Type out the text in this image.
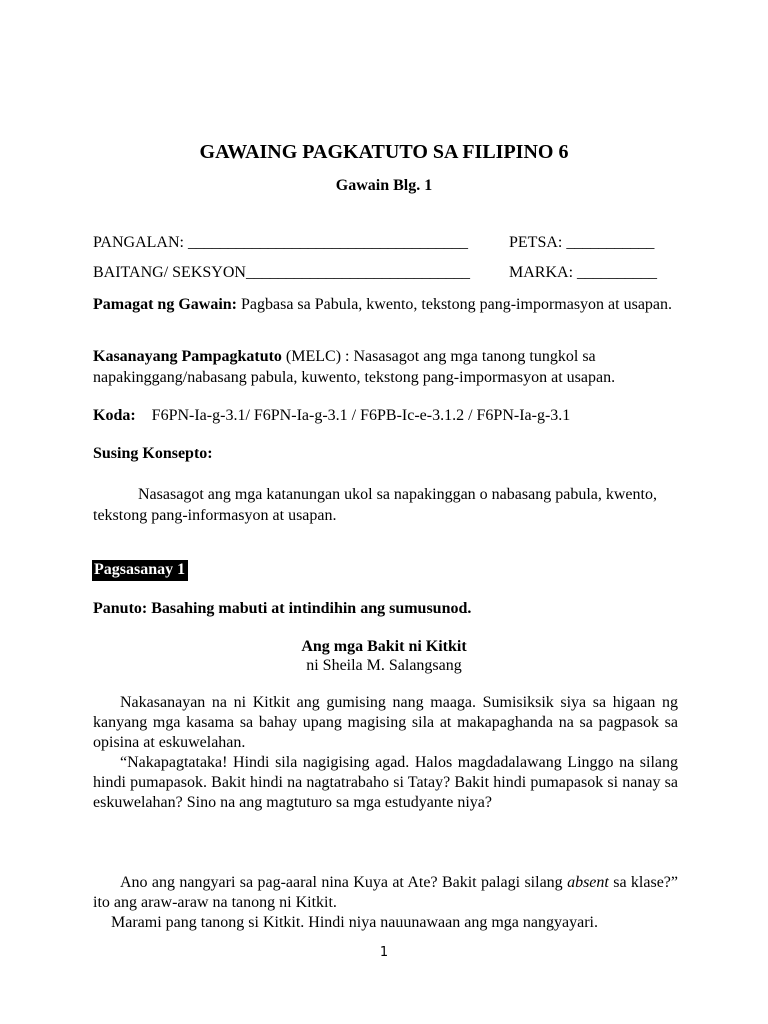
GAWAING PAGKATUTO SA FILIPINO 6
Gawain Blg. 1
PANGALAN: ___________________________________	PETSA: ___________
BAITANG/ SEKSYON____________________________ MARKA: __________

Pamagat ng Gawain: Pagbasa sa Pabula, kwento, tekstong pang-impormasyon at usapan.

Kasanayang Pampagkatuto (MELC) : Nasasagot ang mga tanong tungkol sa napakinggang/nabasang pabula, kuwento, tekstong pang-impormasyon at usapan.

Koda: F6PN-Ia-g-3.1/ F6PN-Ia-g-3.1 / F6PB-Ic-e-3.1.2 / F6PN-Ia-g-3.1
Susing Konsepto:

Nasasagot ang mga katanungan ukol sa napakinggan o nabasang pabula, kwento, tekstong pang-informasyon at usapan.

Pagsasanay 1
Panuto: Basahing mabuti at intindihin ang sumusunod.
Ang mga Bakit ni Kitkit
ni Sheila M. Salangsang

Nakasanayan na ni Kitkit ang gumising nang maaga. Sumisiksik siya sa higaan ng kanyang mga kasama sa bahay upang magising sila at makapaghanda na sa pagpasok sa opisina at eskuwelahan.

“Nakapagtataka! Hindi sila nagigising agad. Halos magdadalawang Linggo na silang hindi pumapasok. Bakit hindi na nagtatrabaho si Tatay? Bakit hindi pumapasok si nanay sa eskuwelahan? Sino na ang magtuturo sa mga estudyante niya?

Ano ang nangyari sa pag-aaral nina Kuya at Ate? Bakit palagi silang absent sa klase?” ito ang araw-araw na tanong ni Kitkit.

Marami pang tanong si Kitkit. Hindi niya nauunawaan ang mga nangyayari.

1
